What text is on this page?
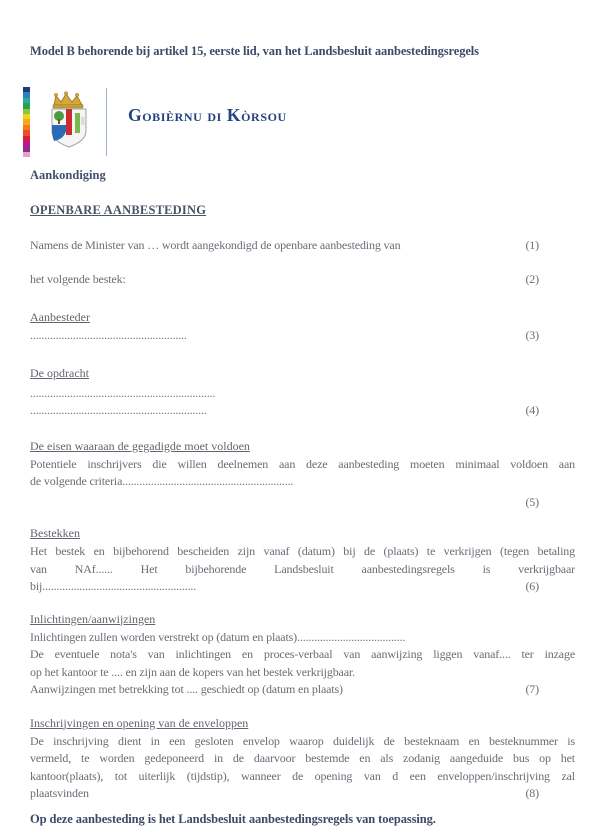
Model B behorende bij artikel 15, eerste lid, van het Landsbesluit aanbestedingsregels
Gobièrnu di Kòrsou
Aankondiging
OPENBARE AANBESTEDING
Namens de Minister van … wordt aangekondigd de openbare aanbesteding van	(1)
het volgende bestek:	(2)
Aanbesteder
.......................................................	(3)
De opdracht
.................................................................
..............................................................	(4)
De eisen waaraan de gegadigde moet voldoen
Potentiele inschrijvers die willen deelnemen aan deze aanbesteding moeten minimaal voldoen aan
de volgende criteria............................................................
(5)
Bestekken
Het bestek en bijbehorend bescheiden zijn vanaf (datum) bij de (plaats) te verkrijgen (tegen betaling
van NAf...... Het bijbehorende Landsbesluit aanbestedingsregels is verkrijgbaar
bij......................................................	(6)
Inlichtingen/aanwijzingen
Inlichtingen zullen worden verstrekt op (datum en plaats)......................................
De eventuele nota's van inlichtingen en proces-verbaal van aanwijzing liggen vanaf.... ter inzage
op het kantoor te .... en zijn aan de kopers van het bestek verkrijgbaar.
Aanwijzingen met betrekking tot .... geschiedt op (datum en plaats)	(7)
Inschrijvingen en opening van de enveloppen
De inschrijving dient in een gesloten envelop waarop duidelijk de besteknaam en besteknummer is
vermeld, te worden gedeponeerd in de daarvoor bestemde en als zodanig aangeduide bus op het
kantoor(plaats), tot uiterlijk (tijdstip), wanneer de opening van d een enveloppen/inschrijving zal
plaatsvinden	(8)
Op deze aanbesteding is het Landsbesluit aanbestedingsregels van toepassing.
